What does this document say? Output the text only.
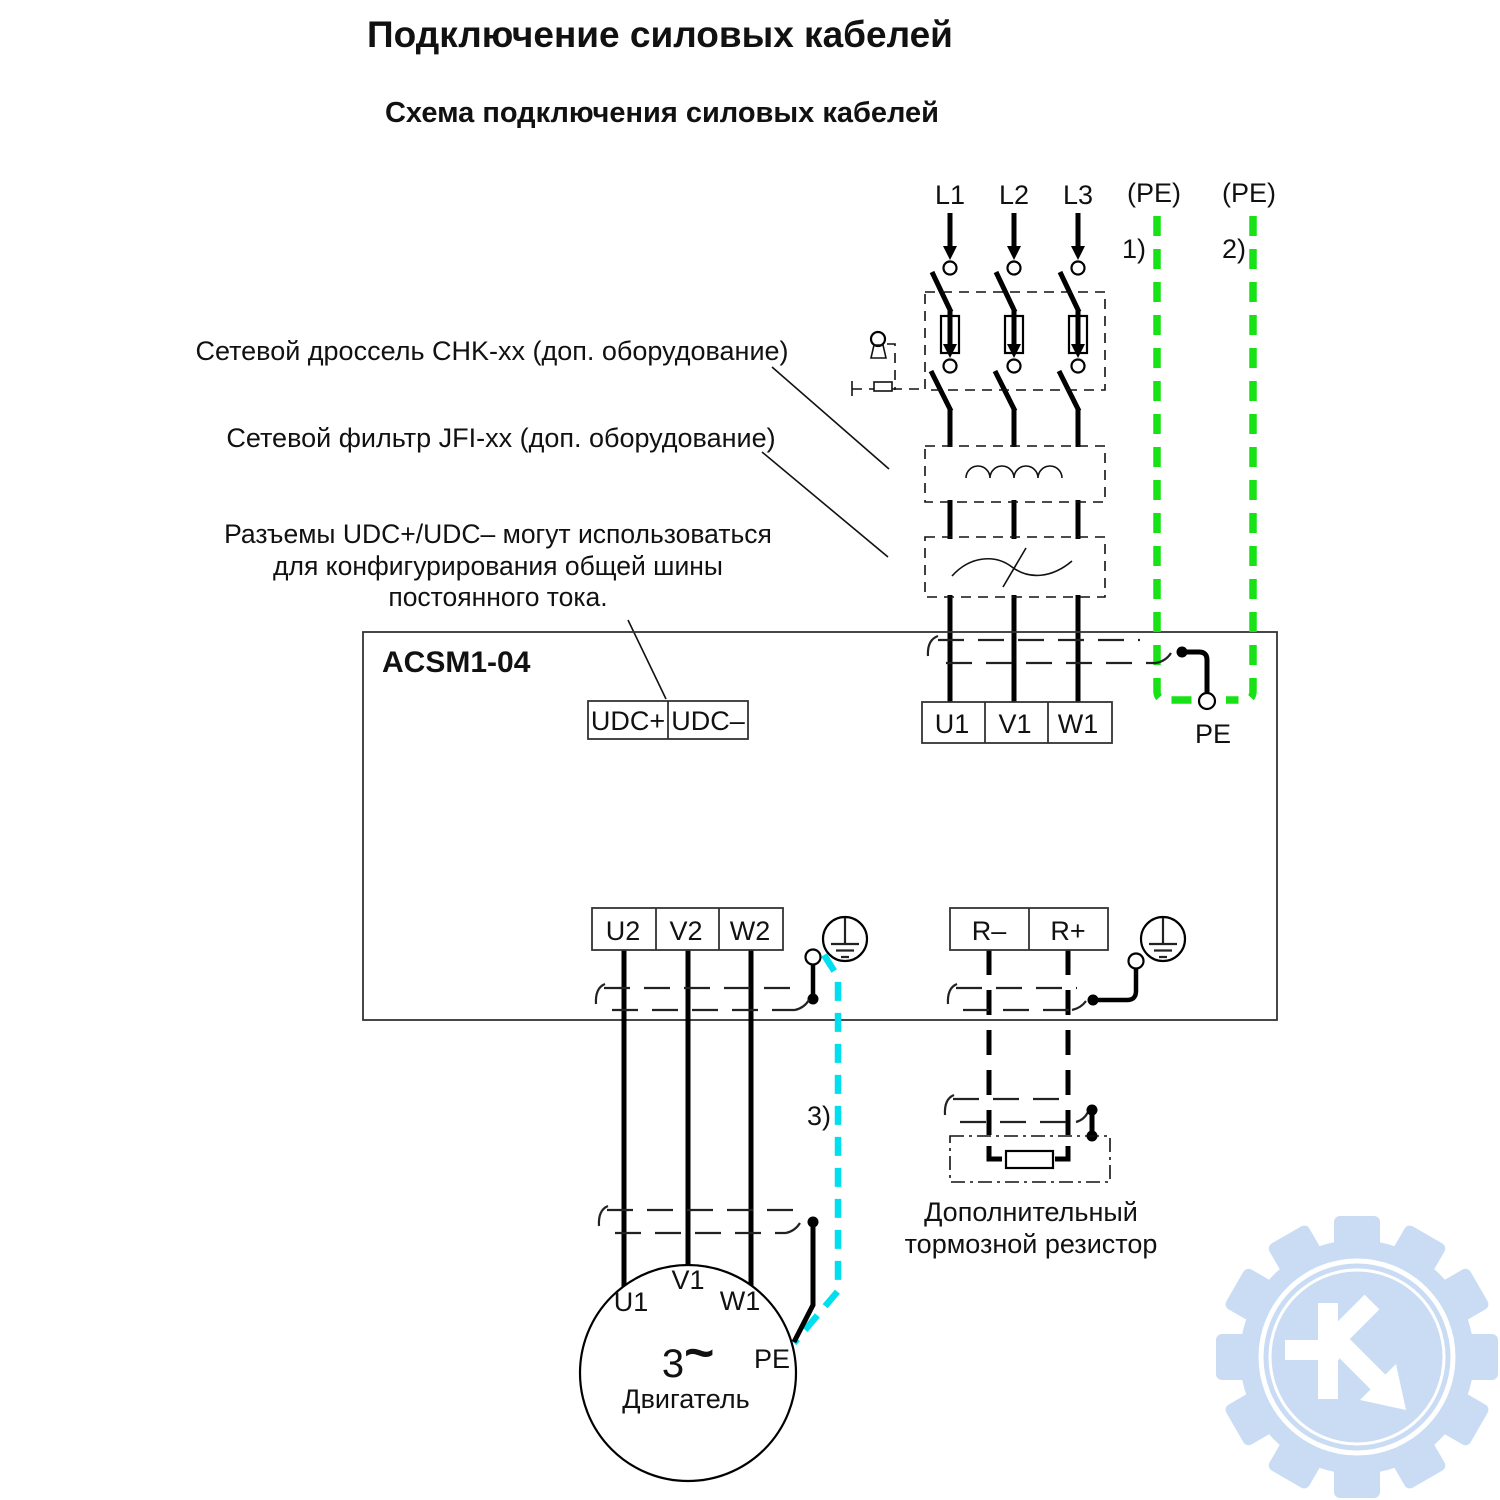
Подключение силовых кабелей
Схема подключения силовых кабелей
Сетевой дроссель CHK-xx (доп. оборудование)
Сетевой фильтр JFI-xx (доп. оборудование)
Разъемы UDC+/UDC– могут использоваться
для конфигурирования общей шины
постоянного тока.
L1 L2 L3 (PE) (PE)
1)	2)
ACSM1-04
PE
UDC+ UDC–	U1 V1 W1
U2 V2 W2	R– R+
3)
Дополнительный
тормозной резистор
U1
V1
W1
3 ~
Двигатель
PE
